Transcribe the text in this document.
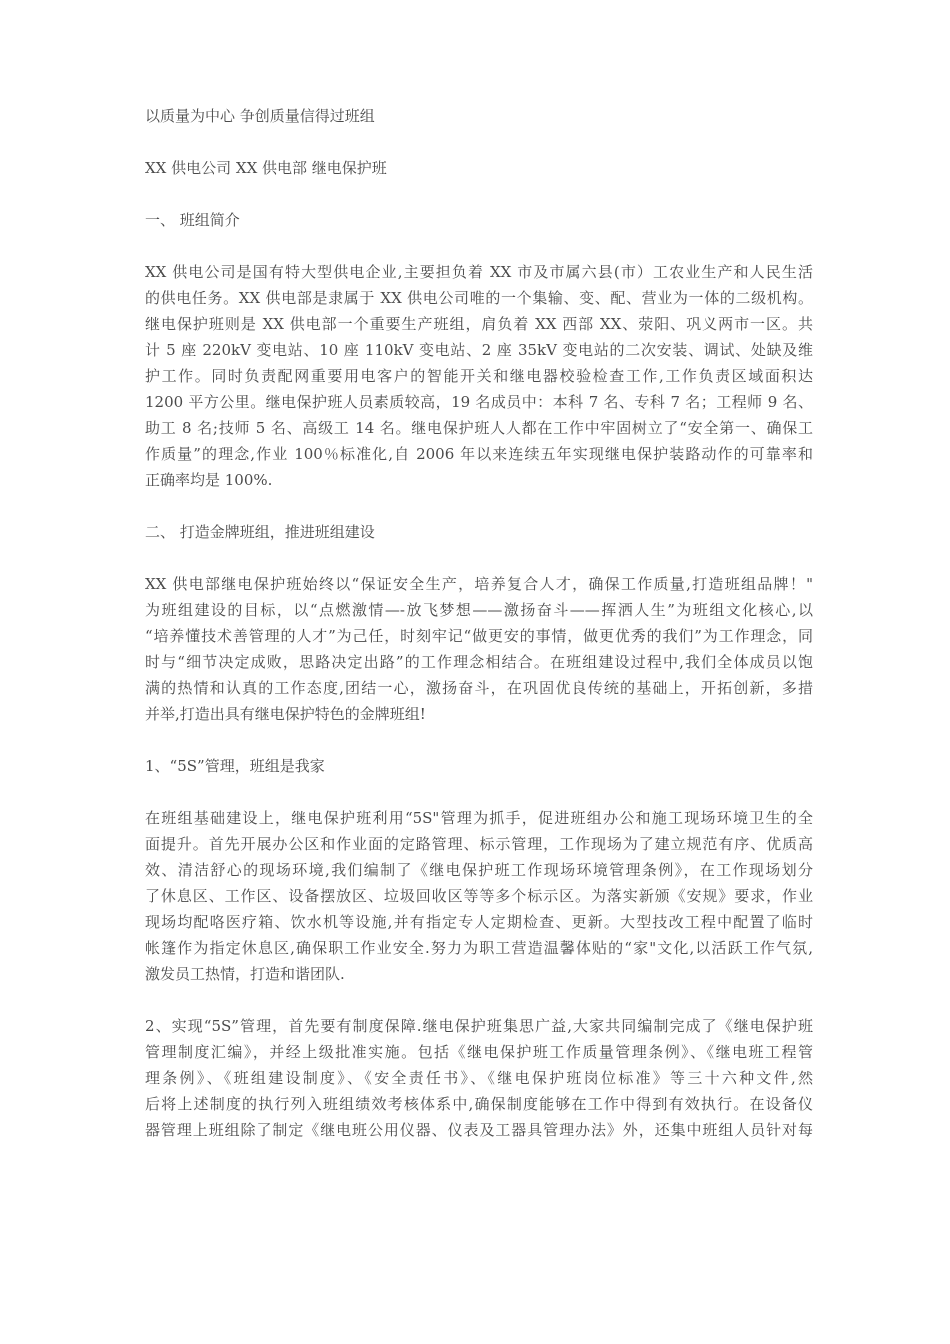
以质量为中心 争创质量信得过班组
XX 供电公司 XX 供电部 继电保护班
一、 班组简介
XX 供电公司是国有特大型供电企业,主要担负着 XX 市及市属六县(市）工农业生产和人民生活
的供电任务。XX 供电部是隶属于 XX 供电公司唯的一个集输、变、配、营业为一体的二级机构。
继电保护班则是 XX 供电部一个重要生产班组，肩负着 XX 西部 XX、荥阳、巩义两市一区。共
计 5 座 220kV 变电站、10 座 110kV 变电站、2 座 35kV 变电站的二次安装、调试、处缺及维
护工作。同时负责配网重要用电客户的智能开关和继电器校验检查工作,工作负责区域面积达
1200 平方公里。继电保护班人员素质较高，19 名成员中：本科 7 名、专科 7 名；工程师 9 名、
助工 8 名;技师 5 名、高级工 14 名。继电保护班人人都在工作中牢固树立了“安全第一、确保工
作质量”的理念,作业 100％标准化,自 2006 年以来连续五年实现继电保护装路动作的可靠率和
正确率均是 100%.
二、 打造金牌班组，推进班组建设
XX 供电部继电保护班始终以“保证安全生产，培养复合人才，确保工作质量,打造班组品牌！"
为班组建设的目标，以“点燃激情—-放飞梦想——激扬奋斗——挥洒人生”为班组文化核心,以
“培养懂技术善管理的人才”为己任，时刻牢记“做更安的事情，做更优秀的我们”为工作理念，同
时与“细节决定成败，思路决定出路”的工作理念相结合。在班组建设过程中,我们全体成员以饱
满的热情和认真的工作态度,团结一心，激扬奋斗，在巩固优良传统的基础上，开拓创新，多措
并举,打造出具有继电保护特色的金牌班组!
1、“5S”管理，班组是我家
在班组基础建设上，继电保护班利用“5S"管理为抓手，促进班组办公和施工现场环境卫生的全
面提升。首先开展办公区和作业面的定路管理、标示管理，工作现场为了建立规范有序、优质高
效、清洁舒心的现场环境,我们编制了《继电保护班工作现场环境管理条例》，在工作现场划分
了休息区、工作区、设备摆放区、垃圾回收区等等多个标示区。为落实新颁《安规》要求，作业
现场均配咯医疗箱、饮水机等设施,并有指定专人定期检查、更新。大型技改工程中配置了临时
帐篷作为指定休息区,确保职工作业安全.努力为职工营造温馨体贴的“家"文化,以活跃工作气氛,
激发员工热情，打造和谐团队.
2、实现“5S”管理，首先要有制度保障.继电保护班集思广益,大家共同编制完成了《继电保护班
管理制度汇编》，并经上级批准实施。包括《继电保护班工作质量管理条例》、《继电班工程管
理条例》、《班组建设制度》、《安全责任书》、《继电保护班岗位标准》等三十六种文件,然
后将上述制度的执行列入班组绩效考核体系中,确保制度能够在工作中得到有效执行。在设备仪
器管理上班组除了制定《继电班公用仪器、仪表及工器具管理办法》外，还集中班组人员针对每
